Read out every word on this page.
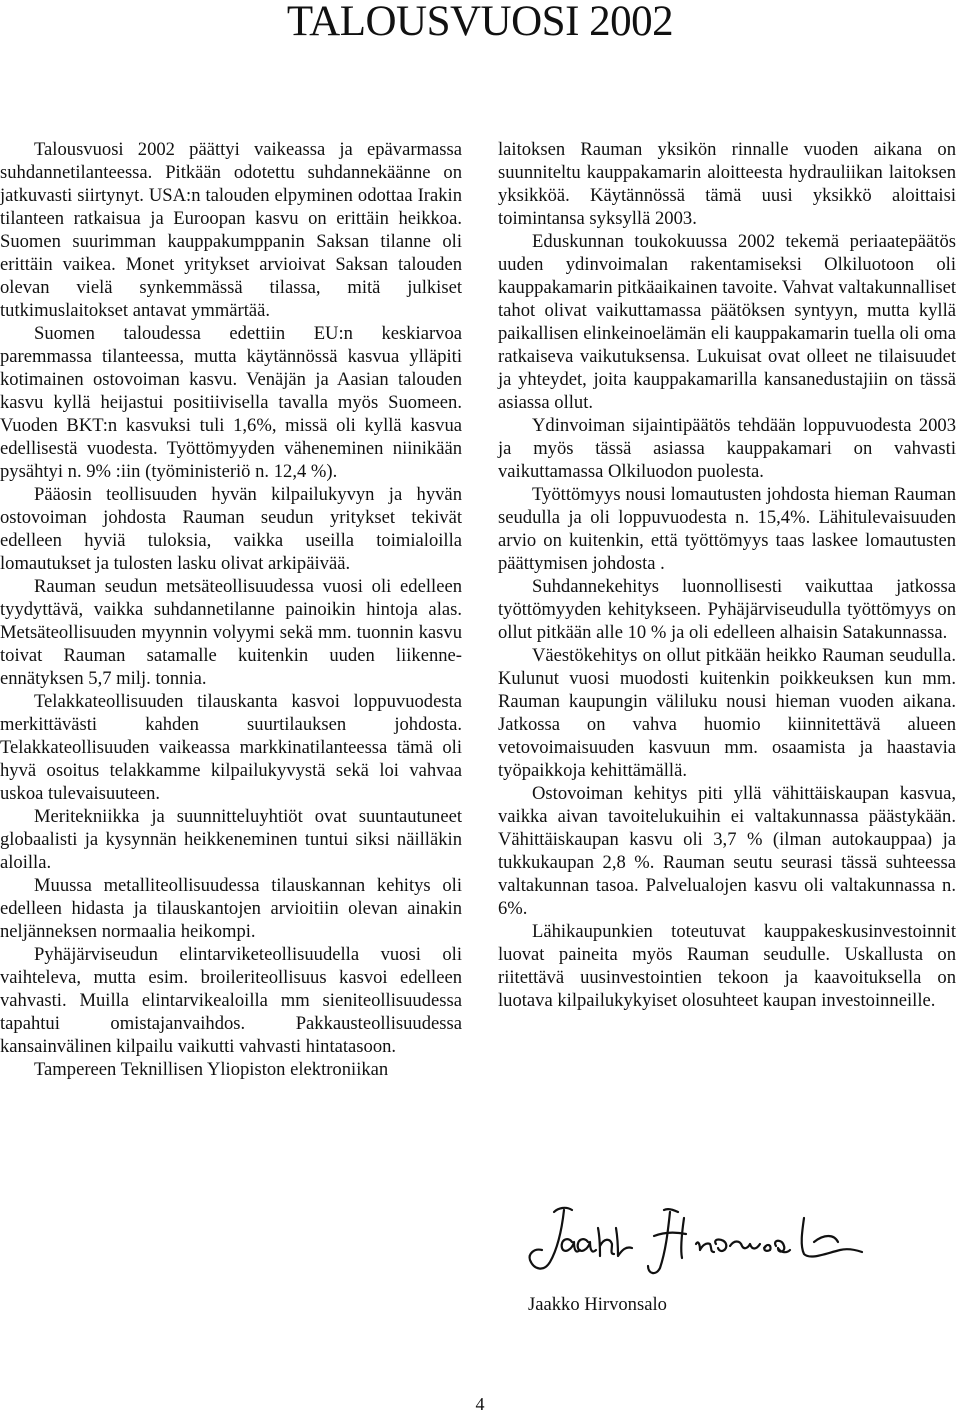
TALOUSVUOSI 2002

Talousvuosi 2002 päättyi vaikeassa ja epävarmassa suhdannetilanteessa. Pitkään odotettu suhdannekäänne on jatkuvasti siirtynyt. USA:n talouden elpyminen odottaa Irakin tilanteen ratkaisua ja Euroopan kasvu on erittäin heikkoa. Suomen suurimman kauppakumppanin Saksan tilanne oli erittäin vaikea. Monet yritykset arvioivat Saksan talouden olevan vielä synkemmässä tilassa, mitä julkiset tutkimuslaitokset antavat ymmärtää.

Suomen taloudessa edettiin EU:n keskiarvoa paremmassa tilanteessa, mutta käytännössä kasvua ylläpiti kotimainen ostovoiman kasvu. Venäjän ja Aasian talouden kasvu kyllä heijastui positiivisella tavalla myös Suomeen. Vuoden BKT:n kasvuksi tuli 1,6%, missä oli kyllä kasvua edellisestä vuodesta. Työttömyyden väheneminen niinikään pysähtyi n. 9% :iin (työministeriö n. 12,4 %).

Pääosin teollisuuden hyvän kilpailukyvyn ja hyvän ostovoiman johdosta Rauman seudun yritykset tekivät edelleen hyviä tuloksia, vaikka useilla toimialoilla lomautukset ja tulosten lasku olivat arkipäivää.

Rauman seudun metsäteollisuudessa vuosi oli edelleen tyydyttävä, vaikka suhdannetilanne painoikin hintoja alas. Metsäteollisuuden myynnin volyymi sekä mm. tuonnin kasvu toivat Rauman satamalle kuitenkin uuden liikenne-ennätyksen 5,7 milj. tonnia.

Telakkateollisuuden tilauskanta kasvoi loppuvuodesta merkittävästi kahden suurtilauksen johdosta. Telakkateollisuuden vaikeassa markkinatilanteessa tämä oli hyvä osoitus telakkamme kilpailukyvystä sekä loi vahvaa uskoa tulevaisuuteen.

Meritekniikka ja suunnitteluyhtiöt ovat suuntautuneet globaalisti ja kysynnän heikkeneminen tuntui siksi näilläkin aloilla.

Muussa metalliteollisuudessa tilauskannan kehitys oli edelleen hidasta ja tilauskantojen arvioitiin olevan ainakin neljänneksen normaalia heikompi.

Pyhäjärviseudun elintarviketeollisuudella vuosi oli vaihteleva, mutta esim. broileriteollisuus kasvoi edelleen vahvasti. Muilla elintarvikealoilla mm sieniteollisuudessa tapahtui omistajanvaihdos. Pakkausteollisuudessa kansainvälinen kilpailu vaikutti vahvasti hintatasoon.

Tampereen Teknillisen Yliopiston elektroniikan

laitoksen Rauman yksikön rinnalle vuoden aikana on suunniteltu kauppakamarin aloitteesta hydrauliikan laitoksen yksikköä. Käytännössä tämä uusi yksikkö aloittaisi toimintansa syksyllä 2003.

Eduskunnan toukokuussa 2002 tekemä periaatepäätös uuden ydinvoimalan rakentamiseksi Olkiluotoon oli kauppakamarin pitkäaikainen tavoite. Vahvat valtakunnalliset tahot olivat vaikuttamassa päätöksen syntyyn, mutta kyllä paikallisen elinkeinoelämän eli kauppakamarin tuella oli oma ratkaiseva vaikutuksensa. Lukuisat ovat olleet ne tilaisuudet ja yhteydet, joita kauppakamarilla kansanedustajiin on tässä asiassa ollut.

Ydinvoiman sijaintipäätös tehdään loppuvuodesta 2003 ja myös tässä asiassa kauppakamari on vahvasti vaikuttamassa Olkiluodon puolesta.

Työttömyys nousi lomautusten johdosta hieman Rauman seudulla ja oli loppuvuodesta n. 15,4%. Lähitulevaisuuden arvio on kuitenkin, että työttömyys taas laskee lomautusten päättymisen johdosta .

Suhdannekehitys luonnollisesti vaikuttaa jatkossa työttömyyden kehitykseen. Pyhäjärviseudulla työttömyys on ollut pitkään alle 10 % ja oli edelleen alhaisin Satakunnassa.

Väestökehitys on ollut pitkään heikko Rauman seudulla. Kulunut vuosi muodosti kuitenkin poikkeuksen kun mm. Rauman kaupungin väliluku nousi hieman vuoden aikana. Jatkossa on vahva huomio kiinnitettävä alueen vetovoimaisuuden kasvuun mm. osaamista ja haastavia työpaikkoja kehittämällä.

Ostovoiman kehitys piti yllä vähittäiskaupan kasvua, vaikka aivan tavoitelukuihin ei valtakunnassa päästykään. Vähittäiskaupan kasvu oli 3,7 % (ilman autokauppaa) ja tukkukaupan 2,8 %. Rauman seutu seurasi tässä suhteessa valtakunnan tasoa. Palvelualojen kasvu oli valtakunnassa n. 6%.

Lähikaupunkien toteutuvat kauppakeskusinvestoinnit luovat paineita myös Rauman seudulle. Uskallusta on riitettävä uusinvestointien tekoon ja kaavoituksella on luotava kilpailukykyiset olosuhteet kaupan investoinneille.

Jaakko Hirvonsalo
4
